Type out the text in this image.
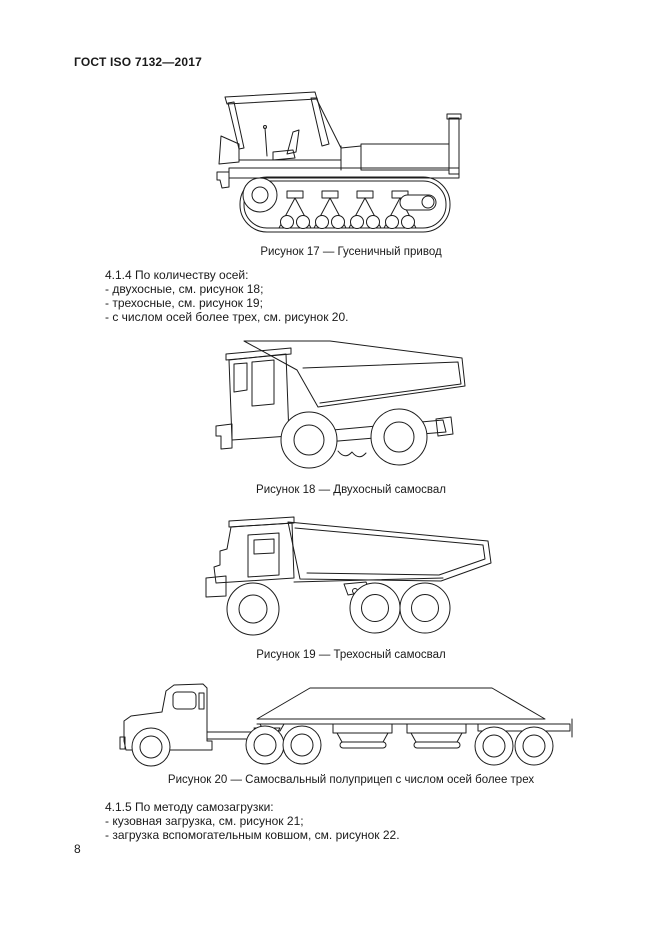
ГОСТ ISO 7132—2017
Рисунок 17 — Гусеничный привод
4.1.4 По количеству осей:
- двухосные, см. рисунок 18;
- трехосные, см. рисунок 19;
- с числом осей более трех, см. рисунок 20.
Рисунок 18 — Двухосный самосвал
Рисунок 19 — Трехосный самосвал
Рисунок 20 — Самосвальный полуприцеп с числом осей более трех
4.1.5 По методу самозагрузки:
- кузовная загрузка, см. рисунок 21;
- загрузка вспомогательным ковшом, см. рисунок 22.
8
